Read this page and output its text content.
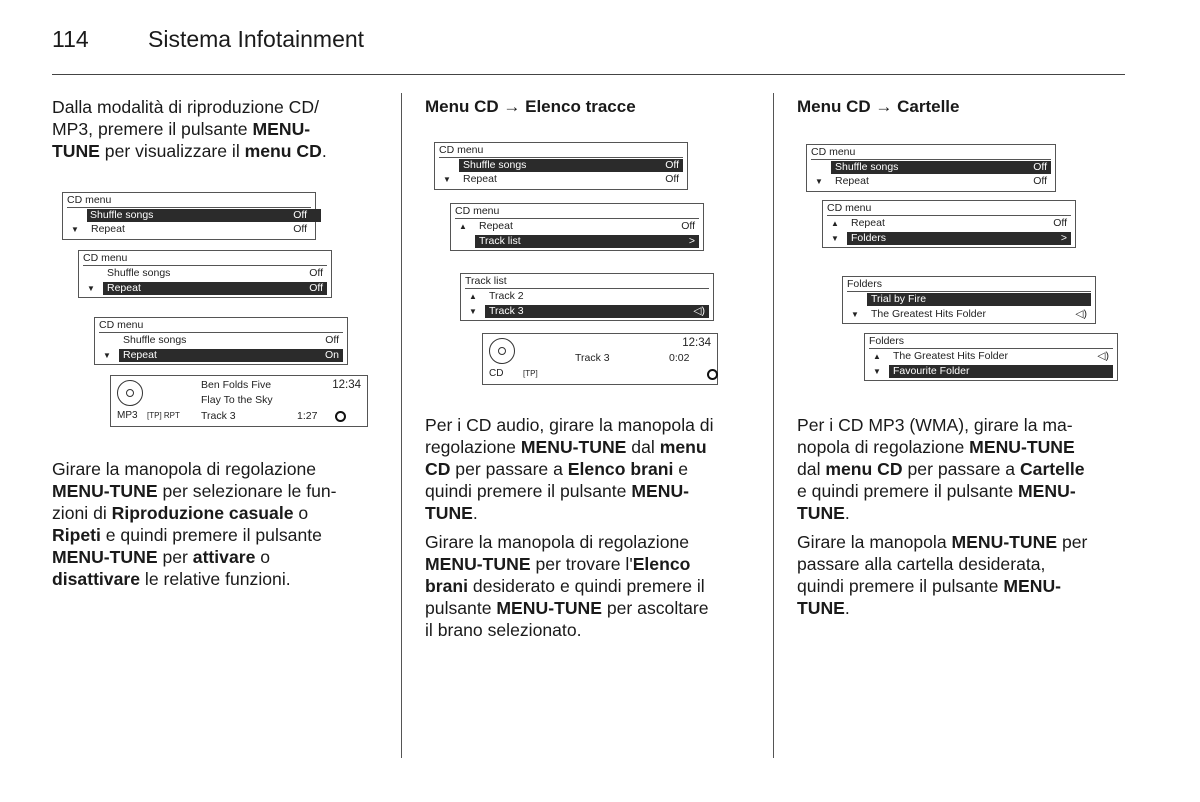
114	Sistema Infotainment

Dalla modalità di riproduzione CD/
MP3, premere il pulsante MENU-
TUNE per visualizzare il menu CD.

CD menu
Shuffle songs	Off
▼ Repeat	Off
CD menu
Shuffle songs	Off
▼ Repeat	Off
CD menu
Shuffle songs	Off
▼ Repeat	On
Ben Folds Five	12:34
Flay To the Sky
MP3 [TP] RPT Track 3	1:27

Girare la manopola di regolazione
MENU-TUNE per selezionare le fun-
zioni di Riproduzione casuale o
Ripeti e quindi premere il pulsante
MENU-TUNE per attivare o
disattivare le relative funzioni.

Menu CD → Elenco tracce
CD menu
Shuffle songs	Off
▼ Repeat	Off
CD menu
▲ Repeat	Off
Track list	>
Track list
▲ Track 2
▼ Track 3	◁)
12:34
Track 3	0:02
CD [TP]

Per i CD audio, girare la manopola di
regolazione MENU-TUNE dal menu
CD per passare a Elenco brani e
quindi premere il pulsante MENU-
TUNE.

Girare la manopola di regolazione
MENU-TUNE per trovare l'Elenco
brani desiderato e quindi premere il
pulsante MENU-TUNE per ascoltare
il brano selezionato.

Menu CD → Cartelle
CD menu
Shuffle songs	Off
▼ Repeat	Off
CD menu
▲ Repeat	Off
▼ Folders	>
Folders
Trial by Fire
▼ The Greatest Hits Folder	◁)
Folders
▲ The Greatest Hits Folder	◁)
▼ Favourite Folder

Per i CD MP3 (WMA), girare la ma-
nopola di regolazione MENU-TUNE
dal menu CD per passare a Cartelle
e quindi premere il pulsante MENU-
TUNE.

Girare la manopola MENU-TUNE per
passare alla cartella desiderata,
quindi premere il pulsante MENU-
TUNE.
